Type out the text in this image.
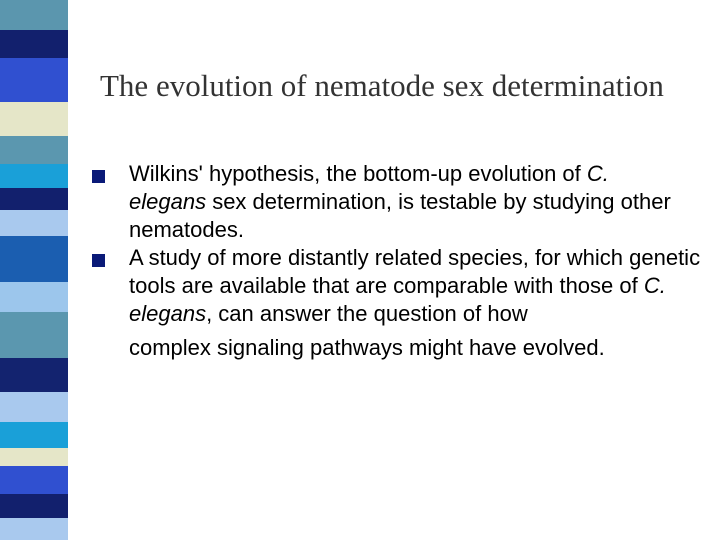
The evolution of nematode sex determination
Wilkins' hypothesis, the bottom-up evolution of C.
elegans sex determination, is testable by studying other nematodes.
A study of more distantly related species, for which genetic tools are available that are comparable with those of C. elegans, can answer the question of how
complex signaling pathways might have evolved.
